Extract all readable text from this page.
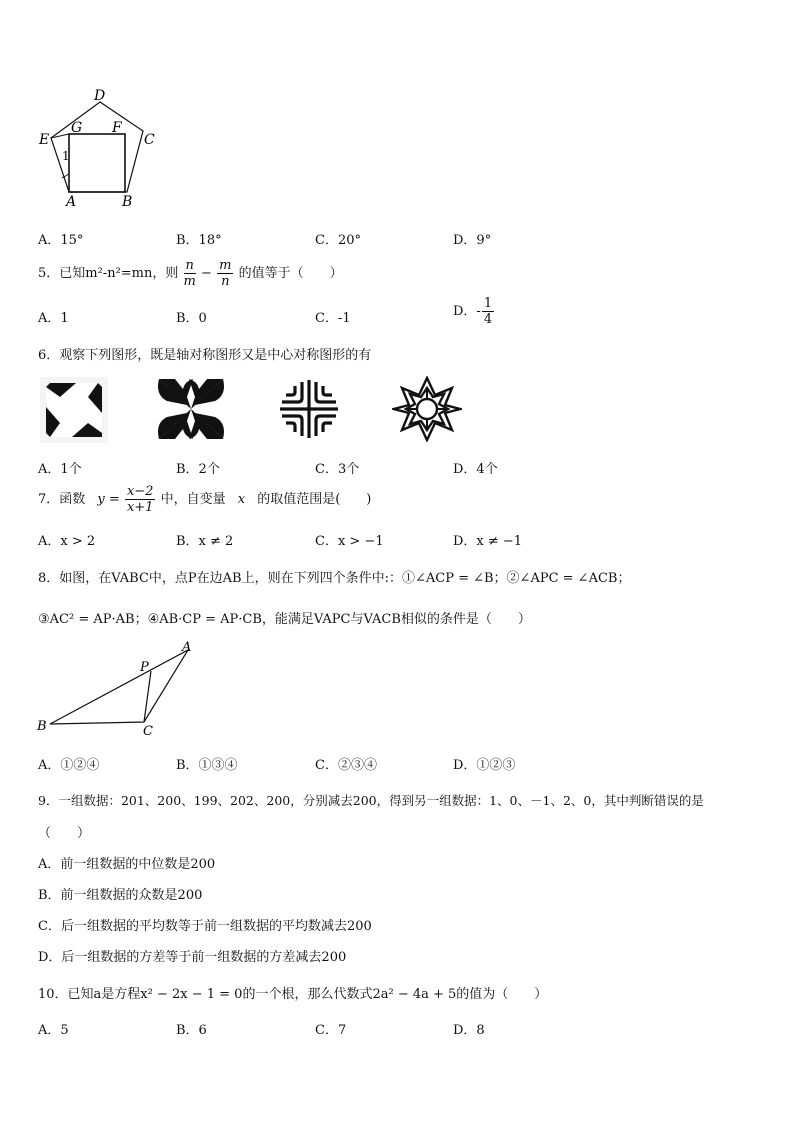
D
E
G F
C
A	B
1
A．15°	B．18°	C．20°	D．9°
5．已知m²-n²=mn，则 $\frac{n}{m} - \frac{m}{n}$ 的值等于（　　）
A．1	B．0	C．-1	D．- $\frac{1}{4}$
6．观察下列图形，既是轴对称图形又是中心对称图形的有
A．1个	B．2个	C．3个	D．4个
7．函数 $y = \frac{x-2}{x+1}$ 中，自变量 x 的取值范围是(　　)
A．x > 2	B．x ≠ 2	C．x > −1	D．x ≠ −1
8．如图，在VABC中，点P在边AB上，则在下列四个条件中:：①∠ACP = ∠B；②∠APC = ∠ACB；
③AC² = AP·AB；④AB·CP = AP·CB，能满足VAPC与VACB相似的条件是（　　）
A
P
B	C
A．①②④	B．①③④	C．②③④	D．①②③
9．一组数据：201、200、199、202、200，分别减去200，得到另一组数据：1、0、－1、2、0，其中判断错误的是
（　　）
A．前一组数据的中位数是200
B．前一组数据的众数是200
C．后一组数据的平均数等于前一组数据的平均数减去200
D．后一组数据的方差等于前一组数据的方差减去200
10．已知a是方程x² − 2x − 1 = 0的一个根，那么代数式2a² − 4a + 5的值为（　　）
A．5	B．6	C．7	D．8
